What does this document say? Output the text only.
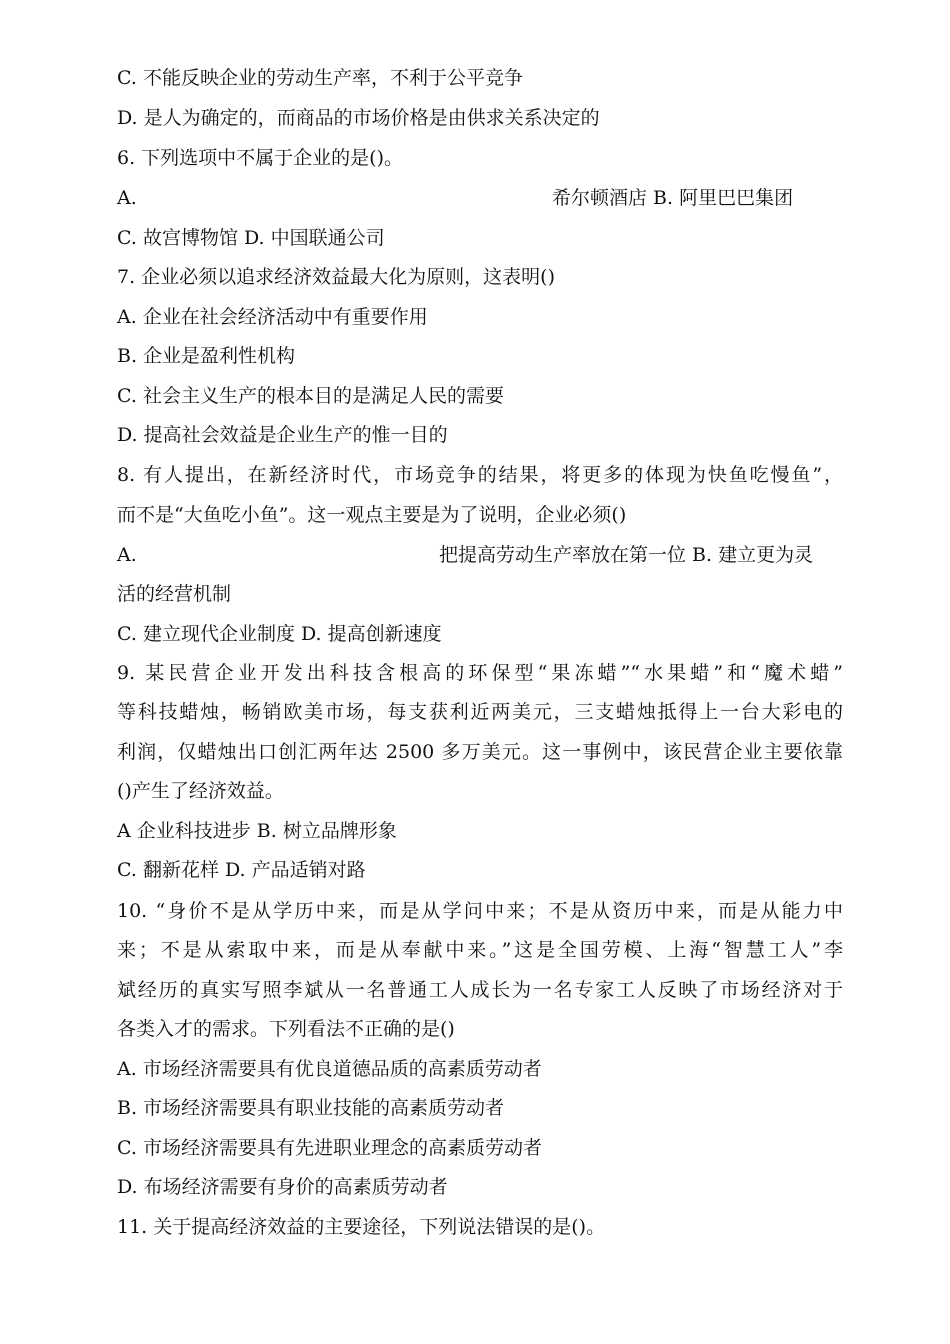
C. 不能反映企业的劳动生产率，不利于公平竞争
D. 是人为确定的，而商品的市场价格是由供求关系决定的
6. 下列选项中不属于企业的是()。
A.	希尔顿酒店 B. 阿里巴巴集团
C. 故宫博物馆 D. 中国联通公司
7. 企业必须以追求经济效益最大化为原则，这表明()
A. 企业在社会经济活动中有重要作用
B. 企业是盈利性机构
C. 社会主义生产的根本目的是满足人民的需要
D. 提高社会效益是企业生产的惟一目的
8. 有人提出，在新经济时代，市场竞争的结果，将更多的体现为快鱼吃慢鱼”，
而不是“大鱼吃小鱼”。这一观点主要是为了说明，企业必须()
A.	把提高劳动生产率放在第一位 B. 建立更为灵
活的经营机制
C. 建立现代企业制度 D. 提高创新速度
9. 某民营企业开发出科技含根高的环保型“果冻蜡”“水果蜡”和“魔术蜡”
等科技蜡烛，畅销欧美市场，每支获利近两美元，三支蜡烛抵得上一台大彩电的
利润，仅蜡烛出口创汇两年达 2500 多万美元。这一事例中，该民营企业主要依靠
()产生了经济效益。
A 企业科技进步 B. 树立品牌形象
C. 翻新花样 D. 产品适销对路
10. “身价不是从学历中来，而是从学问中来；不是从资历中来，而是从能力中
来；不是从索取中来，而是从奉献中来。”这是全国劳模、上海“智慧工人”李
斌经历的真实写照李斌从一名普通工人成长为一名专家工人反映了市场经济对于
各类入才的需求。下列看法不正确的是()
A. 市场经济需要具有优良道德品质的高素质劳动者
B. 市场经济需要具有职业技能的高素质劳动者
C. 市场经济需要具有先进职业理念的高素质劳动者
D. 布场经济需要有身价的高素质劳动者
11. 关于提高经济效益的主要途径，下列说法错误的是()。
